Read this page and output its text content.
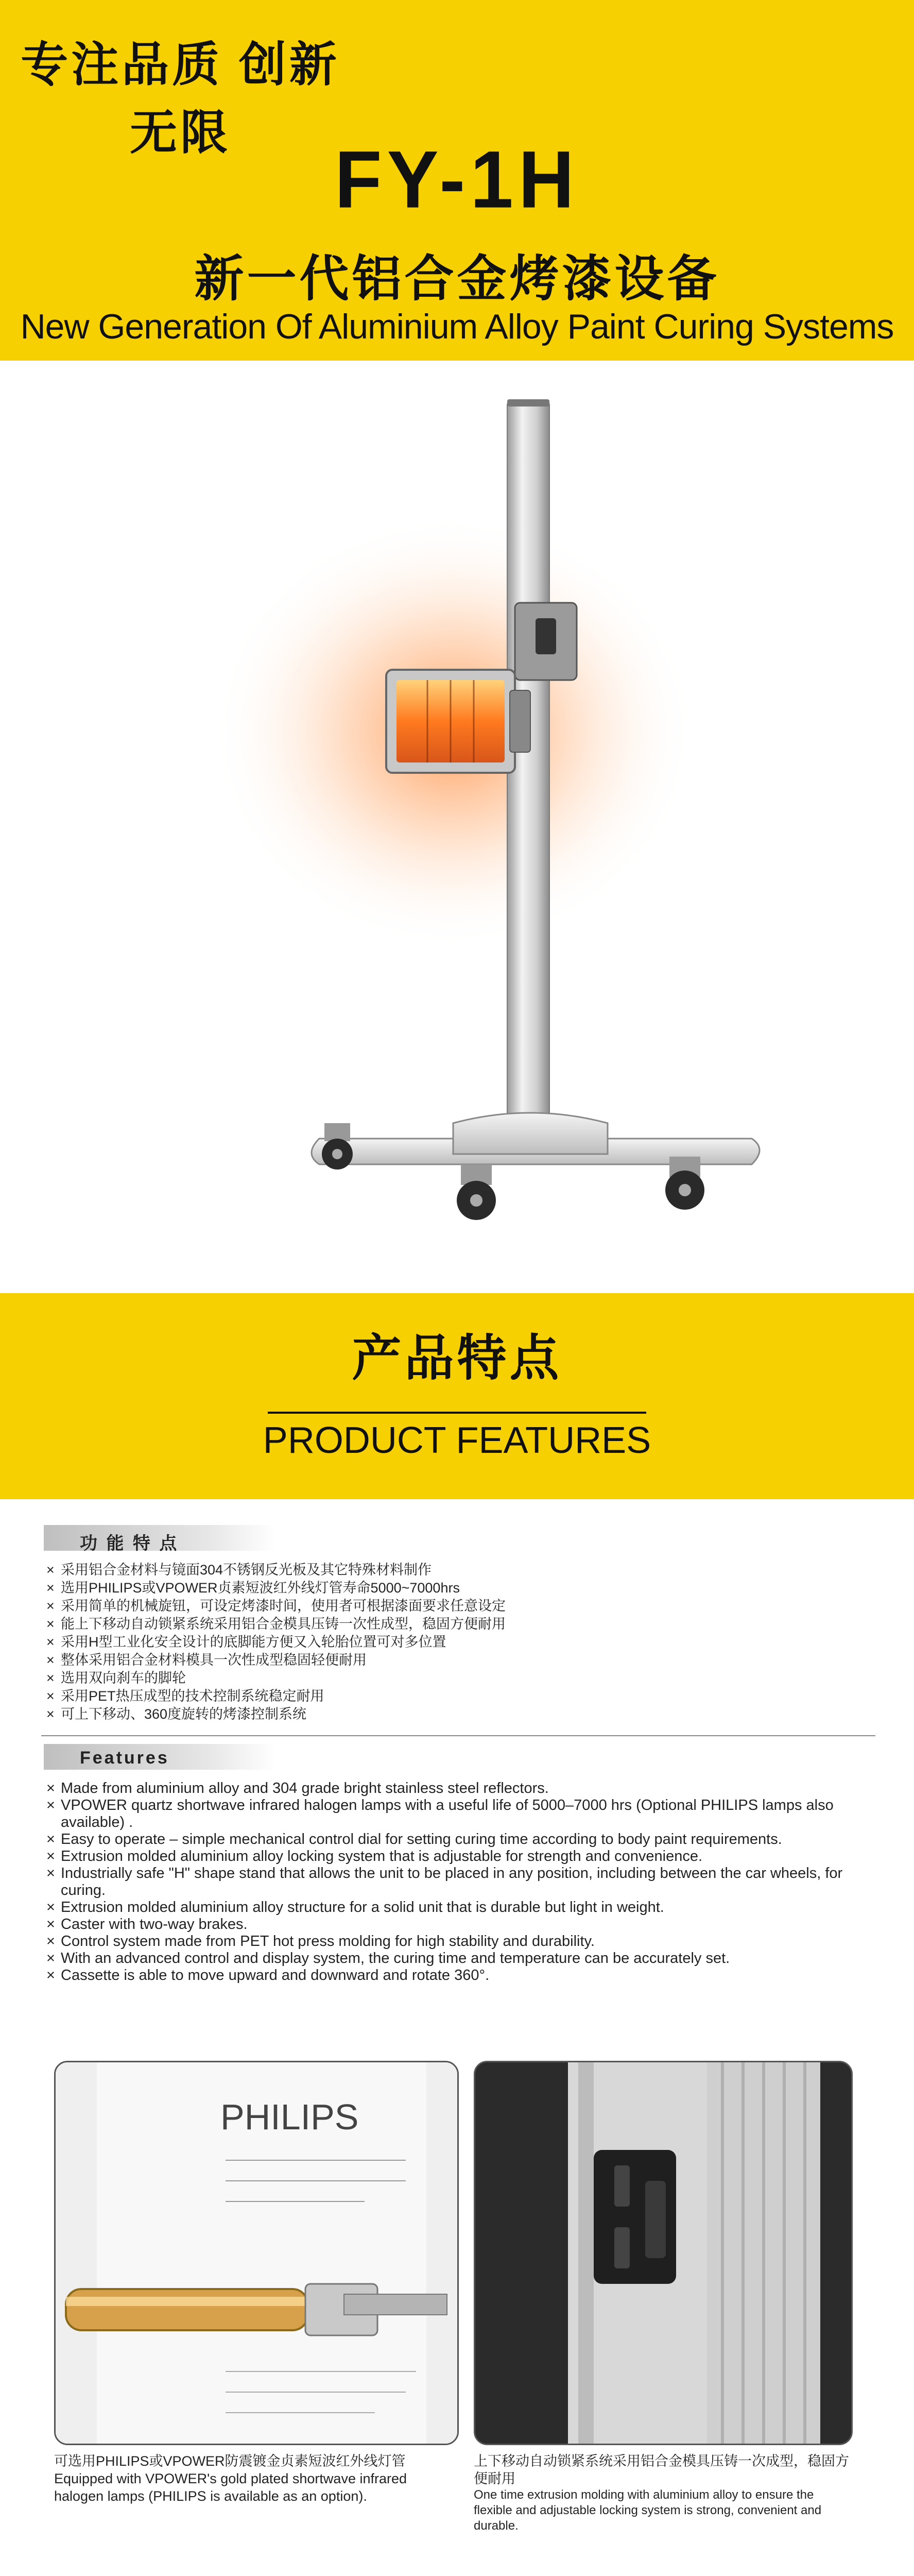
专注品质 创新无限
FY-1H
新一代铝合金烤漆设备
New Generation Of Aluminium Alloy Paint Curing Systems
产品特点
PRODUCT FEATURES
功 能 特 点
× 采用铝合金材料与镜面304不锈钢反光板及其它特殊材料制作
× 选用PHILIPS或VPOWER贞素短波红外线灯管寿命5000~7000hrs
× 采用简单的机械旋钮，可设定烤漆时间，使用者可根据漆面要求任意设定
× 能上下移动自动锁紧系统采用铝合金模具压铸一次性成型，稳固方便耐用
× 采用H型工业化安全设计的底脚能方便又入轮胎位置可对多位置
× 整体采用铝合金材料模具一次性成型稳固轻便耐用
× 选用双向刹车的脚轮
× 采用PET热压成型的技术控制系统稳定耐用
× 可上下移动、360度旋转的烤漆控制系统
Features
× Made from aluminium alloy and 304 grade bright stainless steel reflectors.
× VPOWER quartz shortwave infrared halogen lamps with a useful life of 5000–7000 hrs (Optional PHILIPS lamps also available) .
× Easy to operate – simple mechanical control dial for setting curing time according to body paint requirements.
× Extrusion molded aluminium alloy locking system that is adjustable for strength and convenience.
× Industrially safe "H" shape stand that allows the unit to be placed in any position, including between the car wheels, for curing.
× Extrusion molded aluminium alloy structure for a solid unit that is durable but light in weight.
× Caster with two-way brakes.
× Control system made from PET hot press molding for high stability and durability.
× With an advanced control and display system, the curing time and temperature can be accurately set.
× Cassette is able to move upward and downward and rotate 360°.
PHILIPS
可选用PHILIPS或VPOWER防震镀金贞素短波红外线灯管
Equipped with VPOWER's gold plated shortwave infrared halogen lamps (PHILIPS is available as an option).
上下移动自动锁紧系统采用铝合金模具压铸一次成型，稳固方便耐用
One time extrusion molding with aluminium alloy to ensure the flexible and adjustable locking system is strong, convenient and durable.
